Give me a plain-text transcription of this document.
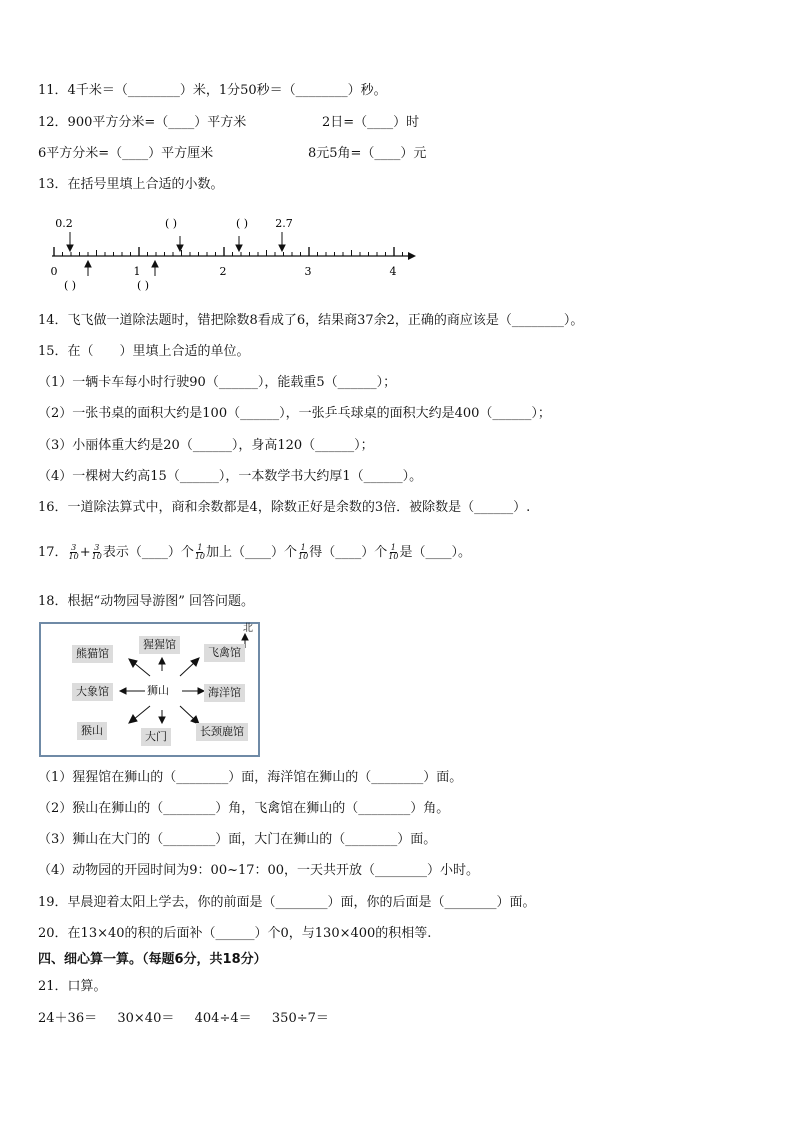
11．4千米＝（________）米，1分50秒＝（________）秒。
12．900平方分米=（____）平方米	2日=（____）时
6平方分米=（____）平方厘米	8元5角=（____）元
13．在括号里填上合适的小数。
0.2	( )	( ) 2.7
0	1	2	3	4
( )	( )
14．飞飞做一道除法题时，错把除数8看成了6，结果商37余2，正确的商应该是（________）。
15．在（　　）里填上合适的单位。
（1）一辆卡车每小时行驶90（______），能载重5（______）；
（2）一张书桌的面积大约是100（______），一张乒乓球桌的面积大约是400（______）；
（3）小丽体重大约是20（______），身高120（______）；
（4）一棵树大约高15（______），一本数学书大约厚1（______）。
16．一道除法算式中，商和余数都是4，除数正好是余数的3倍．被除数是（______）.
17． $\frac{3}{10} + \frac{3}{10}$ 表示（____）个 $\frac{1}{10}$ 加上（____）个 $\frac{1}{10}$ 得（____）个 $\frac{1}{10}$ 是（____）。
18．根据“动物园导游图” 回答问题。
北
熊猫馆
猩猩馆
飞禽馆
大象馆	狮山	海洋馆
猴山	大门	长颈鹿馆
（1）猩猩馆在狮山的（________）面，海洋馆在狮山的（________）面。
（2）猴山在狮山的（________）角，飞禽馆在狮山的（________）角。
（3）狮山在大门的（________）面，大门在狮山的（________）面。
（4）动物园的开园时间为9：00~17：00，一天共开放（________）小时。
19．早晨迎着太阳上学去，你的前面是（________）面，你的后面是（________）面。
20．在13×40的积的后面补（______）个0，与130×400的积相等.
四、细心算一算。（每题6分，共18分）
21．口算。
24＋36＝ 30×40＝ 404÷4＝ 350÷7＝
